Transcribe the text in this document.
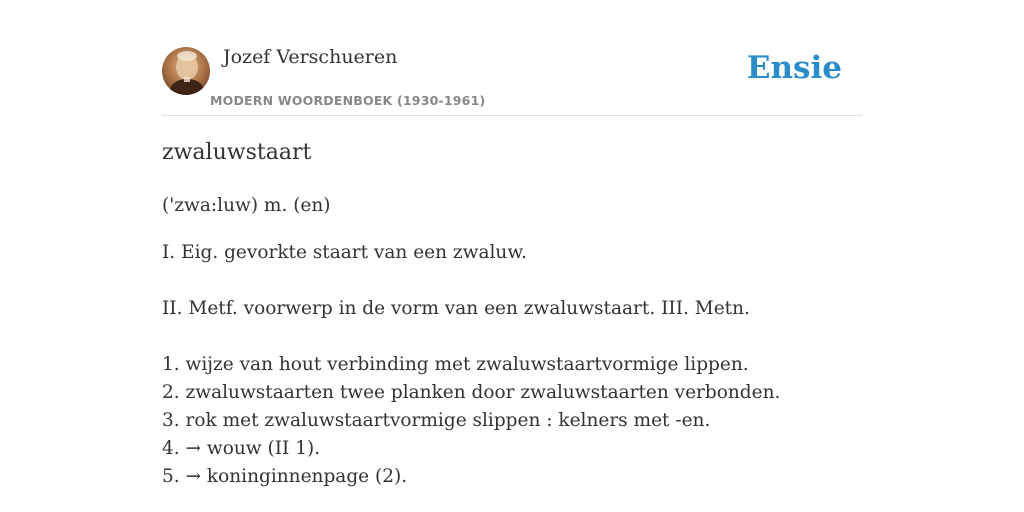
Jozef Verschueren
MODERN WOORDENBOEK (1930-1961)
Ensie
zwaluwstaart
('zwa:luw) m. (en)
I. Eig. gevorkte staart van een zwaluw.
II. Metf. voorwerp in de vorm van een zwaluwstaart. III. Metn.
1. wijze van hout verbinding met zwaluwstaartvormige lippen.
2. zwaluwstaarten twee planken door zwaluwstaarten verbonden.
3. rok met zwaluwstaartvormige slippen : kelners met -en.
4. → wouw (II 1).
5. → koninginnenpage (2).
